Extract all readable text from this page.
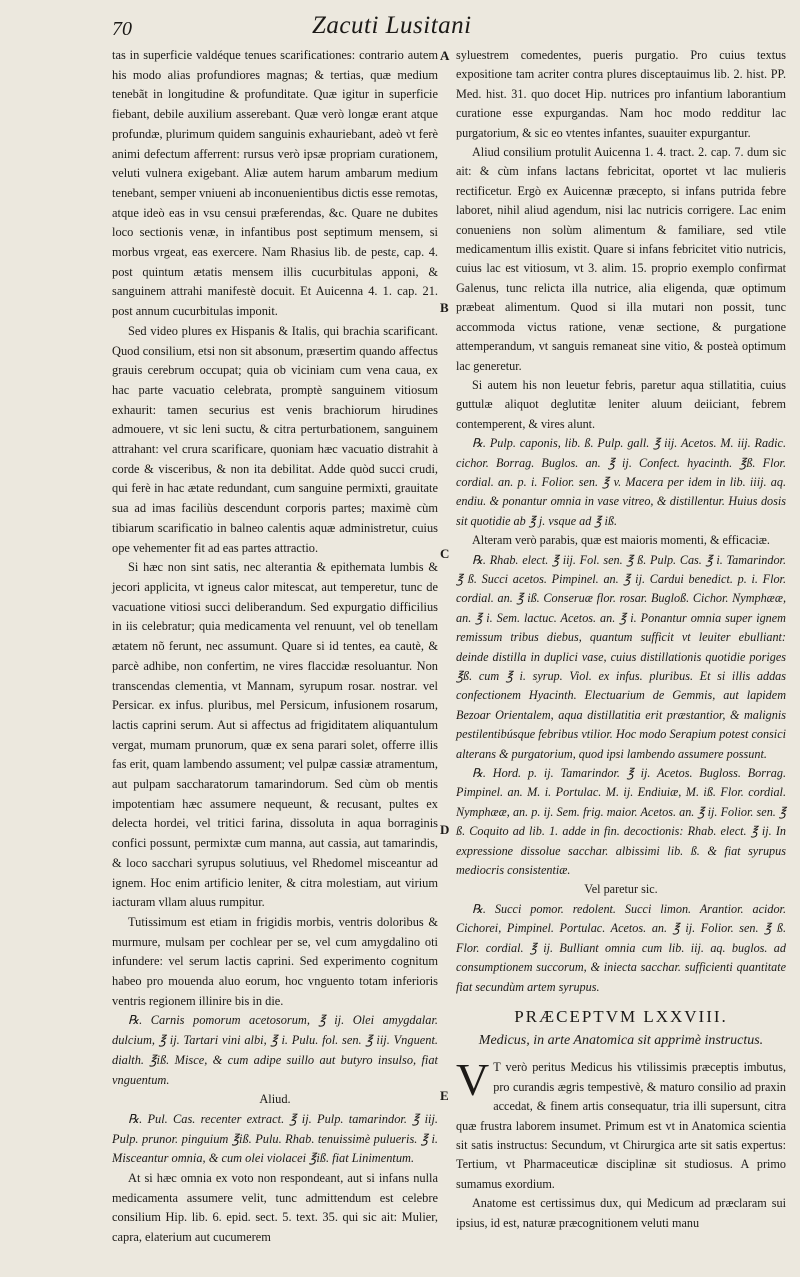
70	Zacuti Lusitani
A
B
C
D
E

tas in superficie valdéque tenues scarificationes: contrario autem his modo alias profundiores magnas; & tertias, quæ medium tenebãt in longitudine & profunditate. Quæ igitur in superficie fiebant, debile auxilium asserebant. Quæ verò longæ erant atque profundæ, plurimum quidem sanguinis exhauriebant, adeò vt ferè animi defectum afferrent: rursus verò ipsæ propriam curationem, veluti vulnera exigebant. Aliæ autem harum ambarum medium tenebant, semper vniueni ab inconuenientibus dictis esse remotas, atque ideò eas in vsu censui præferendas, &c. Quare ne dubites loco sectionis venæ, in infantibus post septimum mensem, si morbus vrgeat, eas exercere. Nam Rhasius lib. de pestε, cap. 4. post quintum ætatis mensem illis cucurbitulas apponi, & sanguinem attrahi manifestè docuit. Et Auicenna 4. 1. cap. 21. post annum cucurbitulas imponit.

Sed video plures ex Hispanis & Italis, qui brachia scarificant. Quod consilium, etsi non sit absonum, præsertim quando affectus grauis cerebrum occupat; quia ob viciniam cum vena caua, ex hac parte vacuatio celebrata, promptè sanguinem vitiosum exhaurit: tamen securius est venis brachiorum hirudines admouere, vt sic leni suctu, & citra perturbationem, sanguinem attrahant: vel crura scarificare, quoniam hæc vacuatio distrahit à corde & visceribus, & non ita debilitat. Adde quòd succi crudi, qui ferè in hac ætate redundant, cum sanguine permixti, grauitate sua ad imas faciliùs descendunt corporis partes; maximè cùm tibiarum scarificatio in balneo calentis aquæ administretur, cuius ope vehementer fit ad eas partes attractio.

Si hæc non sint satis, nec alterantia & epithemata lumbis & jecori applicita, vt igneus calor mitescat, aut temperetur, tunc de vacuatione vitiosi succi deliberandum. Sed expurgatio difficilius in iis celebratur; quia medicamenta vel renuunt, vel ob tenellam ætatem nõ ferunt, nec assumunt. Quare si id tentes, ea cautè, & parcè adhibe, non confertim, ne vires flaccidæ resoluantur. Non transcendas clementia, vt Mannam, syrupum rosar. nostrar. vel Persicar. ex infus. pluribus, mel Persicum, infusionem rosarum, lactis caprini serum. Aut si affectus ad frigiditatem aliquantulum vergat, mumam prunorum, quæ ex sena parari solet, offerre illis fas erit, quam lambendo assument; vel pulpæ cassiæ atramentum, aut pulpam saccharatorum tamarindorum. Sed cùm ob mentis impotentiam hæc assumere nequeunt, & recusant, pultes ex delecta hordei, vel tritici farina, dissoluta in aqua borraginis confici possunt, permixtæ cum manna, aut cassia, aut tamarindis, & loco sacchari syrupus solutiuus, vel Rhedomel misceantur ad ignem. Hoc enim artificio leniter, & citra molestiam, aut virium iacturam vllam aluus rumpitur.

Tutissimum est etiam in frigidis morbis, ventris doloribus & murmure, mulsam per cochlear per se, vel cum amygdalino oti infundere: vel serum lactis caprini. Sed experimento cognitum habeo pro mouenda aluo eorum, hoc vnguento totam inferioris ventris regionem illinire bis in die.

℞. Carnis pomorum acetosorum, ℥ ij. Olei amygdalar. dulcium, ℥ ij. Tartari vini albi, ℥ i. Pulu. fol. sen. ℥ iij. Vnguent. dialth. ℥iß. Misce, & cum adipe suillo aut butyro insulso, fiat vnguentum.

Aliud.

℞. Pul. Cas. recenter extract. ℥ ij. Pulp. tamarindor. ℥ iij. Pulp. prunor. pinguium ℥iß. Pulu. Rhab. tenuissimè pulueris. ℥ i. Misceantur omnia, & cum olei violacei ℥iß. fiat Linimentum.

At si hæc omnia ex voto non respondeant, aut si infans nulla medicamenta assumere velit, tunc admittendum est celebre consilium Hip. lib. 6. epid. sect. 5. text. 35. qui sic ait: Mulier, capra, elaterium aut cucumerem

syluestrem comedentes, pueris purgatio. Pro cuius textus expositione tam acriter contra plures disceptauimus lib. 2. hist. PP. Med. hist. 31. quo docet Hip. nutrices pro infantium laborantium curatione esse expurgandas. Nam hoc modo redditur lac purgatorium, & sic eo vtentes infantes, suauiter expurgantur.

Aliud consilium protulit Auicenna 1. 4. tract. 2. cap. 7. dum sic ait: & cùm infans lactans febricitat, oportet vt lac mulieris rectificetur. Ergò ex Auicennæ præcepto, si infans putrida febre laboret, nihil aliud agendum, nisi lac nutricis corrigere. Lac enim conueniens non solùm alimentum & familiare, sed vtile medicamentum illis existit. Quare si infans febricitet vitio nutricis, cuius lac est vitiosum, vt 3. alim. 15. proprio exemplo confirmat Galenus, tunc relicta illa nutrice, alia eligenda, quæ optimum præbeat alimentum. Quod si illa mutari non possit, tunc accommoda victus ratione, venæ sectione, & purgatione attemperandum, vt sanguis remaneat sine vitio, & posteà optimum lac generetur.

Si autem his non leuetur febris, paretur aqua stillatitia, cuius guttulæ aliquot deglutitæ leniter aluum deiiciant, febrem contemperent, & vires alunt.

℞. Pulp. caponis, lib. ß. Pulp. gall. ℥ iij. Acetos. M. iij. Radic. cichor. Borrag. Buglos. an. ℥ ij. Confect. hyacinth. ℥ß. Flor. cordial. an. p. i. Folior. sen. ℥ v. Macera per idem in lib. iiij. aq. endiu. & ponantur omnia in vase vitreo, & distillentur. Huius dosis sit quotidie ab ℥ j. vsque ad ℥ iß.

Alteram verò parabis, quæ est maioris momenti, & efficaciæ.

℞. Rhab. elect. ℥ iij. Fol. sen. ℥ ß. Pulp. Cas. ℥ i. Tamarindor. ℥ ß. Succi acetos. Pimpinel. an. ℥ ij. Cardui benedict. p. i. Flor. cordial. an. ℥ iß. Conseruæ flor. rosar. Bugloß. Cichor. Nymphææ, an. ℥ i. Sem. lactuc. Acetos. an. ℥ i. Ponantur omnia super ignem remissum tribus diebus, quantum sufficit vt leuiter ebulliant: deinde distilla in duplici vase, cuius distillationis quotidie poriges ℥ß. cum ℥ i. syrup. Viol. ex infus. pluribus. Et si illis addas confectionem Hyacinth. Electuarium de Gemmis, aut lapidem Bezoar Orientalem, aqua distillatitia erit præstantior, & malignis pestilentibúsque febribus vtilior. Hoc modo Serapium potest consici alterans & purgatorium, quod ipsi lambendo assumere possunt.

℞. Hord. p. ij. Tamarindor. ℥ ij. Acetos. Bugloss. Borrag. Pimpinel. an. M. i. Portulac. M. ij. Endiuiæ, M. iß. Flor. cordial. Nymphææ, an. p. ij. Sem. frig. maior. Acetos. an. ℥ ij. Folior. sen. ℥ ß. Coquito ad lib. 1. adde in fin. decoctionis: Rhab. elect. ℥ ij. In expressione dissolue sacchar. albissimi lib. ß. & fiat syrupus mediocris consistentiæ.

Vel paretur sic.

℞. Succi pomor. redolent. Succi limon. Arantior. acidor. Cichorei, Pimpinel. Portulac. Acetos. an. ℥ ij. Folior. sen. ℥ ß. Flor. cordial. ℥ ij. Bulliant omnia cum lib. iij. aq. buglos. ad consumptionem succorum, & iniecta sacchar. sufficienti quantitate fiat secundùm artem syrupus.

PRÆCEPTVM LXXVIII.
Medicus, in arte Anatomica sit apprimè instructus.
V T verò peritus Medicus his vtilissimis præceptis imbutus, pro curandis ægris tempestivè, & maturo consilio ad praxin accedat, & finem artis consequatur, tria illi supersunt, citra quæ frustra laborem insumet. Primum est vt in Anatomica scientia sit satis instructus: Secundum, vt Chirurgica arte sit satis expertus: Tertium, vt Pharmaceuticæ disciplinæ sit studiosus. A primo sumamus exordium.

Anatome est certissimus dux, qui Medicum ad præclaram sui ipsius, id est, naturæ præcognitionem veluti manu
